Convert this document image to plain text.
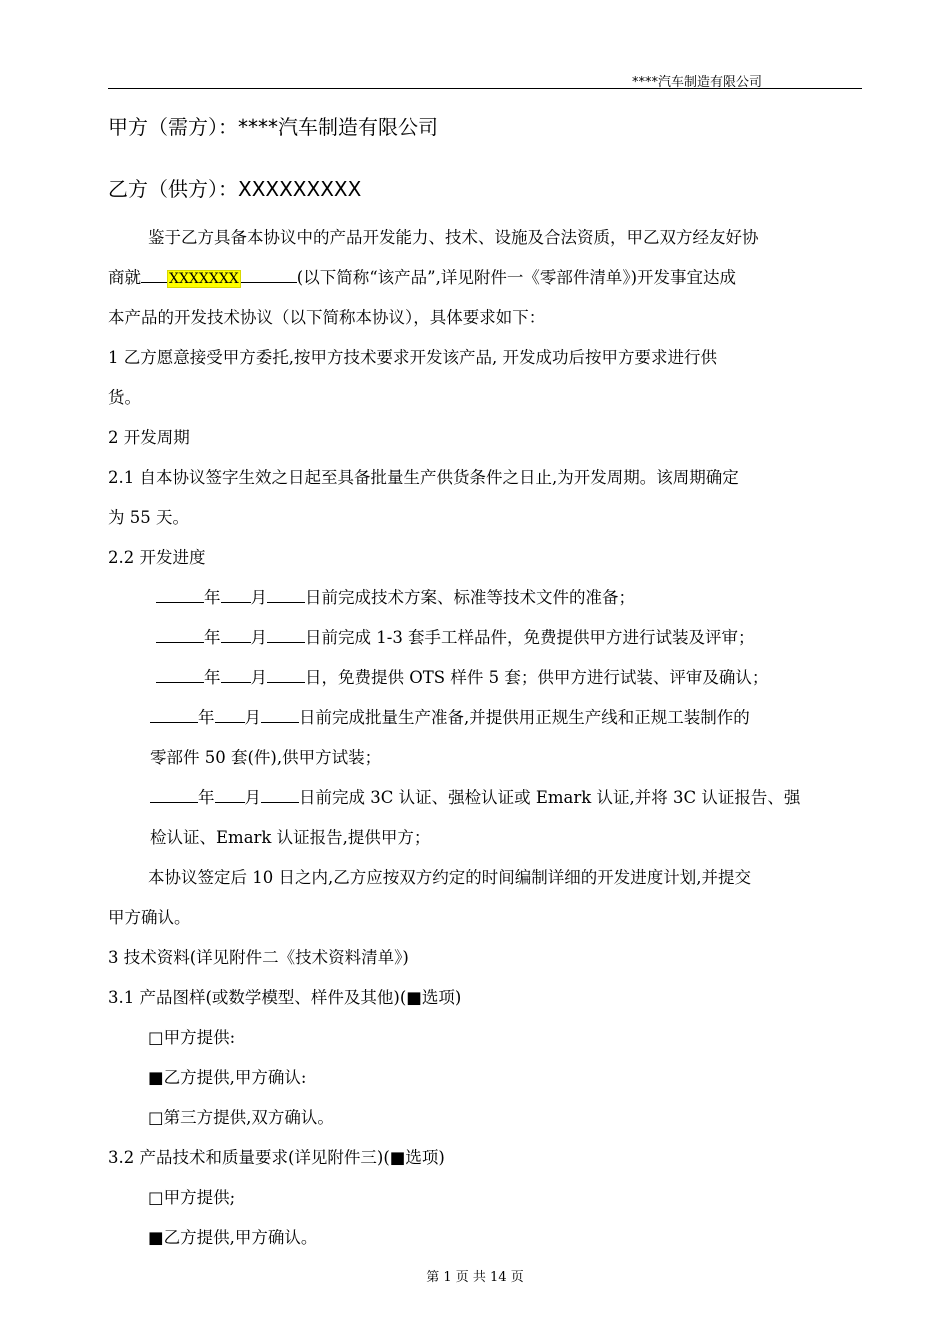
****汽车制造有限公司
甲方（需方）：****汽车制造有限公司
乙方（供方）：XXXXXXXXX
鉴于乙方具备本协议中的产品开发能力、技术、设施及合法资质，甲乙双方经友好协
商就 XXXXXXX	(以下简称“该产品”,详见附件一《零部件清单》)开发事宜达成
本产品的开发技术协议（以下简称本协议），具体要求如下：
1 乙方愿意接受甲方委托,按甲方技术要求开发该产品, 开发成功后按甲方要求进行供
货。
2 开发周期
2.1 自本协议签字生效之日起至具备批量生产供货条件之日止,为开发周期。该周期确定
为 55 天。
2.2 开发进度
年 月 日前完成技术方案、标准等技术文件的准备；
年 月 日前完成 1-3 套手工样品件，免费提供甲方进行试装及评审；
年 月 日，免费提供 OTS 样件 5 套；供甲方进行试装、评审及确认；
年 月 日前完成批量生产准备,并提供用正规生产线和正规工装制作的
零部件 50 套(件),供甲方试装；
年 月 日前完成 3C 认证、强检认证或 Emark 认证,并将 3C 认证报告、强
检认证、Emark 认证报告,提供甲方；
本协议签定后 10 日之内,乙方应按双方约定的时间编制详细的开发进度计划,并提交
甲方确认。
3 技术资料(详见附件二《技术资料清单》)
3.1 产品图样(或数学模型、样件及其他)(■选项)
□甲方提供:
■乙方提供,甲方确认:
□第三方提供,双方确认。
3.2 产品技术和质量要求(详见附件三)(■选项)
□甲方提供;
■乙方提供,甲方确认。
第 1 页 共 14 页
